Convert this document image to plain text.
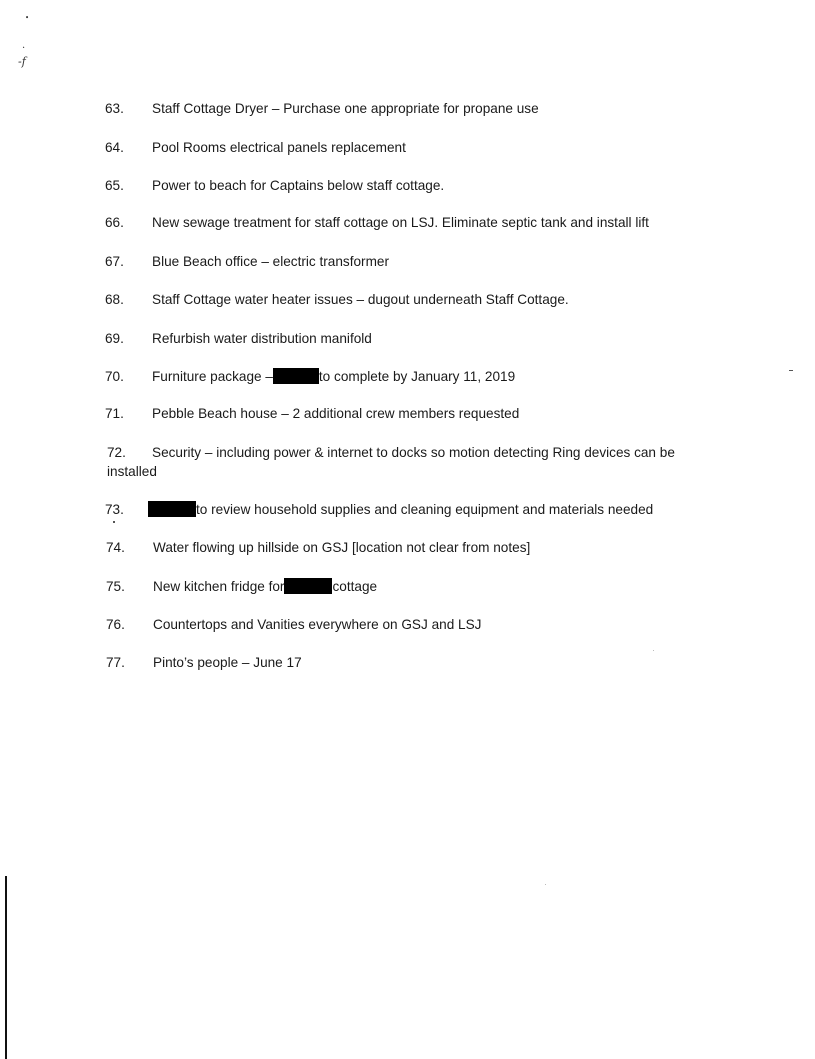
•
.
-f
63. Staff Cottage Dryer – Purchase one appropriate for propane use
64. Pool Rooms electrical panels replacement
65. Power to beach for Captains below staff cottage.
66. New sewage treatment for staff cottage on LSJ. Eliminate septic tank and install lift
67. Blue Beach office – electric transformer
68. Staff Cottage water heater issues – dugout underneath Staff Cottage.
69. Refurbish water distribution manifold
70. Furniture package –	to complete by January 11, 2019
71. Pebble Beach house – 2 additional crew members requested
72. Security – including power & internet to docks so motion detecting Ring devices can be
installed
73.	to review household supplies and cleaning equipment and materials needed
74. Water flowing up hillside on GSJ [location not clear from notes]
75. New kitchen fridge for	cottage
76. Countertops and Vanities everywhere on GSJ and LSJ
77. Pinto’s people – June 17
